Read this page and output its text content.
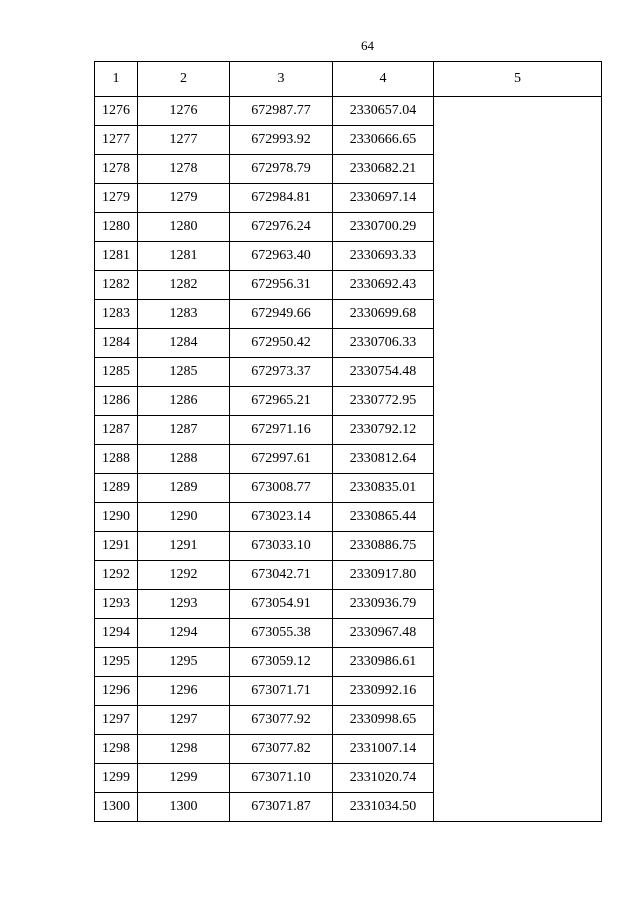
64
1	2	3	4	5
1276	1276	672987.77	2330657.04	
1277	1277	672993.92	2330666.65	
1278	1278	672978.79	2330682.21	
1279	1279	672984.81	2330697.14	
1280	1280	672976.24	2330700.29	
1281	1281	672963.40	2330693.33	
1282	1282	672956.31	2330692.43	
1283	1283	672949.66	2330699.68	
1284	1284	672950.42	2330706.33	
1285	1285	672973.37	2330754.48	
1286	1286	672965.21	2330772.95	
1287	1287	672971.16	2330792.12	
1288	1288	672997.61	2330812.64	
1289	1289	673008.77	2330835.01	
1290	1290	673023.14	2330865.44	
1291	1291	673033.10	2330886.75	
1292	1292	673042.71	2330917.80	
1293	1293	673054.91	2330936.79	
1294	1294	673055.38	2330967.48	
1295	1295	673059.12	2330986.61	
1296	1296	673071.71	2330992.16	
1297	1297	673077.92	2330998.65	
1298	1298	673077.82	2331007.14	
1299	1299	673071.10	2331020.74	
1300	1300	673071.87	2331034.50	
